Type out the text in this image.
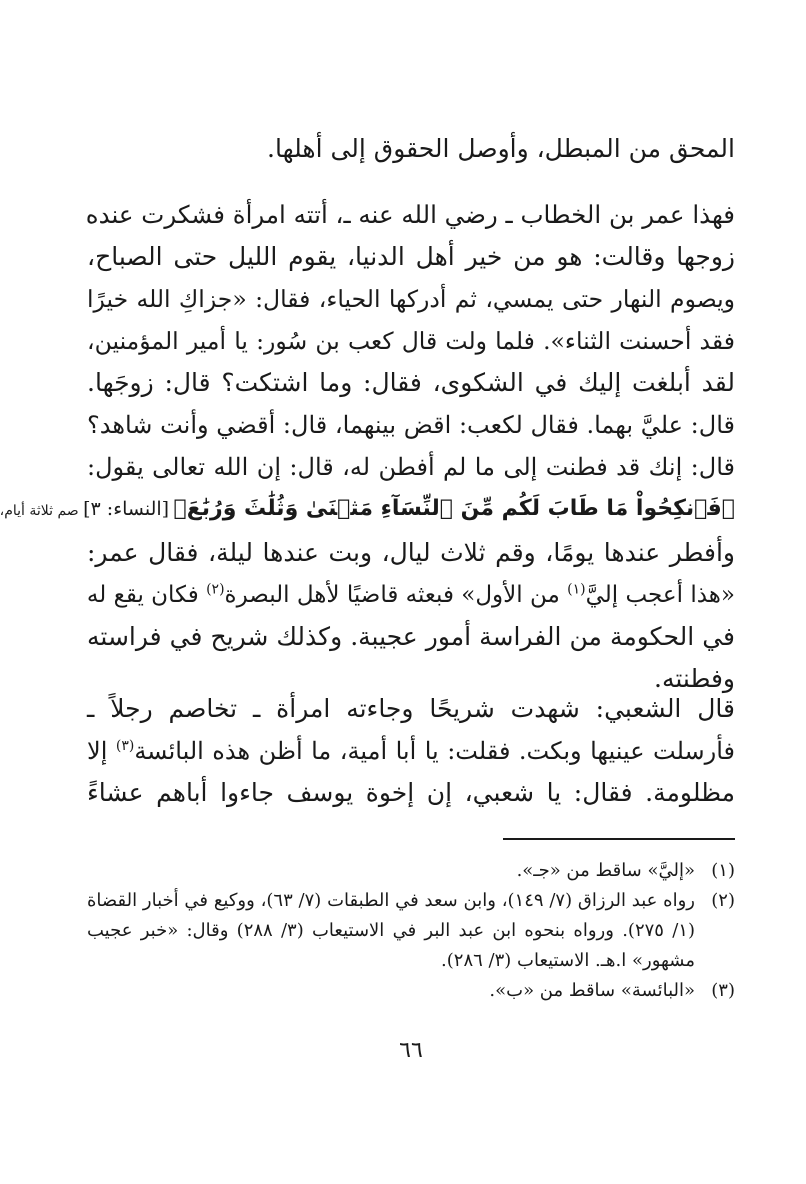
المحق من المبطل، وأوصل الحقوق إلى أهلها.

فهذا عمر بن الخطاب ـ رضي الله عنه ـ، أتته امرأة فشكرت عنده
زوجها وقالت: هو من خير أهل الدنيا، يقوم الليل حتى الصباح،
ويصوم النهار حتى يمسي، ثم أدركها الحياء، فقال: «جزاكِ الله خيرًا
فقد أحسنت الثناء». فلما ولت قال كعب بن سُور: يا أمير المؤمنين،
لقد أبلغت إليك في الشكوى، فقال: وما اشتكت؟ قال: زوجَها.
قال: عليَّ بهما. فقال لكعب: اقض بينهما، قال: أقضي وأنت شاهد؟
قال: إنك قد فطنت إلى ما لم أفطن له، قال: إن الله تعالى يقول:
﴿فَٱنكِحُواْ مَا طَابَ لَكُم مِّنَ ٱلنِّسَآءِ مَثۡنَىٰ وَثُلَٰثَ وَرُبَٰعَ﴾ [النساء: ٣] صم ثلاثة أيام،
وأفطر عندها يومًا، وقم ثلاث ليال، وبت عندها ليلة، فقال عمر:
«هذا أعجب إليَّ$^{(١)}$ من الأول» فبعثه قاضيًا لأهل البصرة$^{(٢)}$ فكان يقع له
في الحكومة من الفراسة أمور عجيبة. وكذلك شريح في فراسته
وفطنته.

قال الشعبي: شهدت شريحًا وجاءته امرأة ـ تخاصم رجلاً ـ
فأرسلت عينيها وبكت. فقلت: يا أبا أمية، ما أظن هذه البائسة$^{(٣)}$ إلا
مظلومة. فقال: يا شعبي، إن إخوة يوسف جاءوا أباهم عشاءً

(١)
«إليَّ» ساقط من «جـ».
(٢)
رواه عبد الرزاق (٧/ ١٤٩)، وابن سعد في الطبقات (٧/ ٦٣)، ووكيع في أخبار القضاة (١/ ٢٧٥). ورواه بنحوه ابن عبد البر في الاستيعاب (٣/ ٢٨٨) وقال: «خبر عجيب مشهور» ا.هـ. الاستيعاب (٣/ ٢٨٦).
(٣)
«البائسة» ساقط من «ب».
٦٦
